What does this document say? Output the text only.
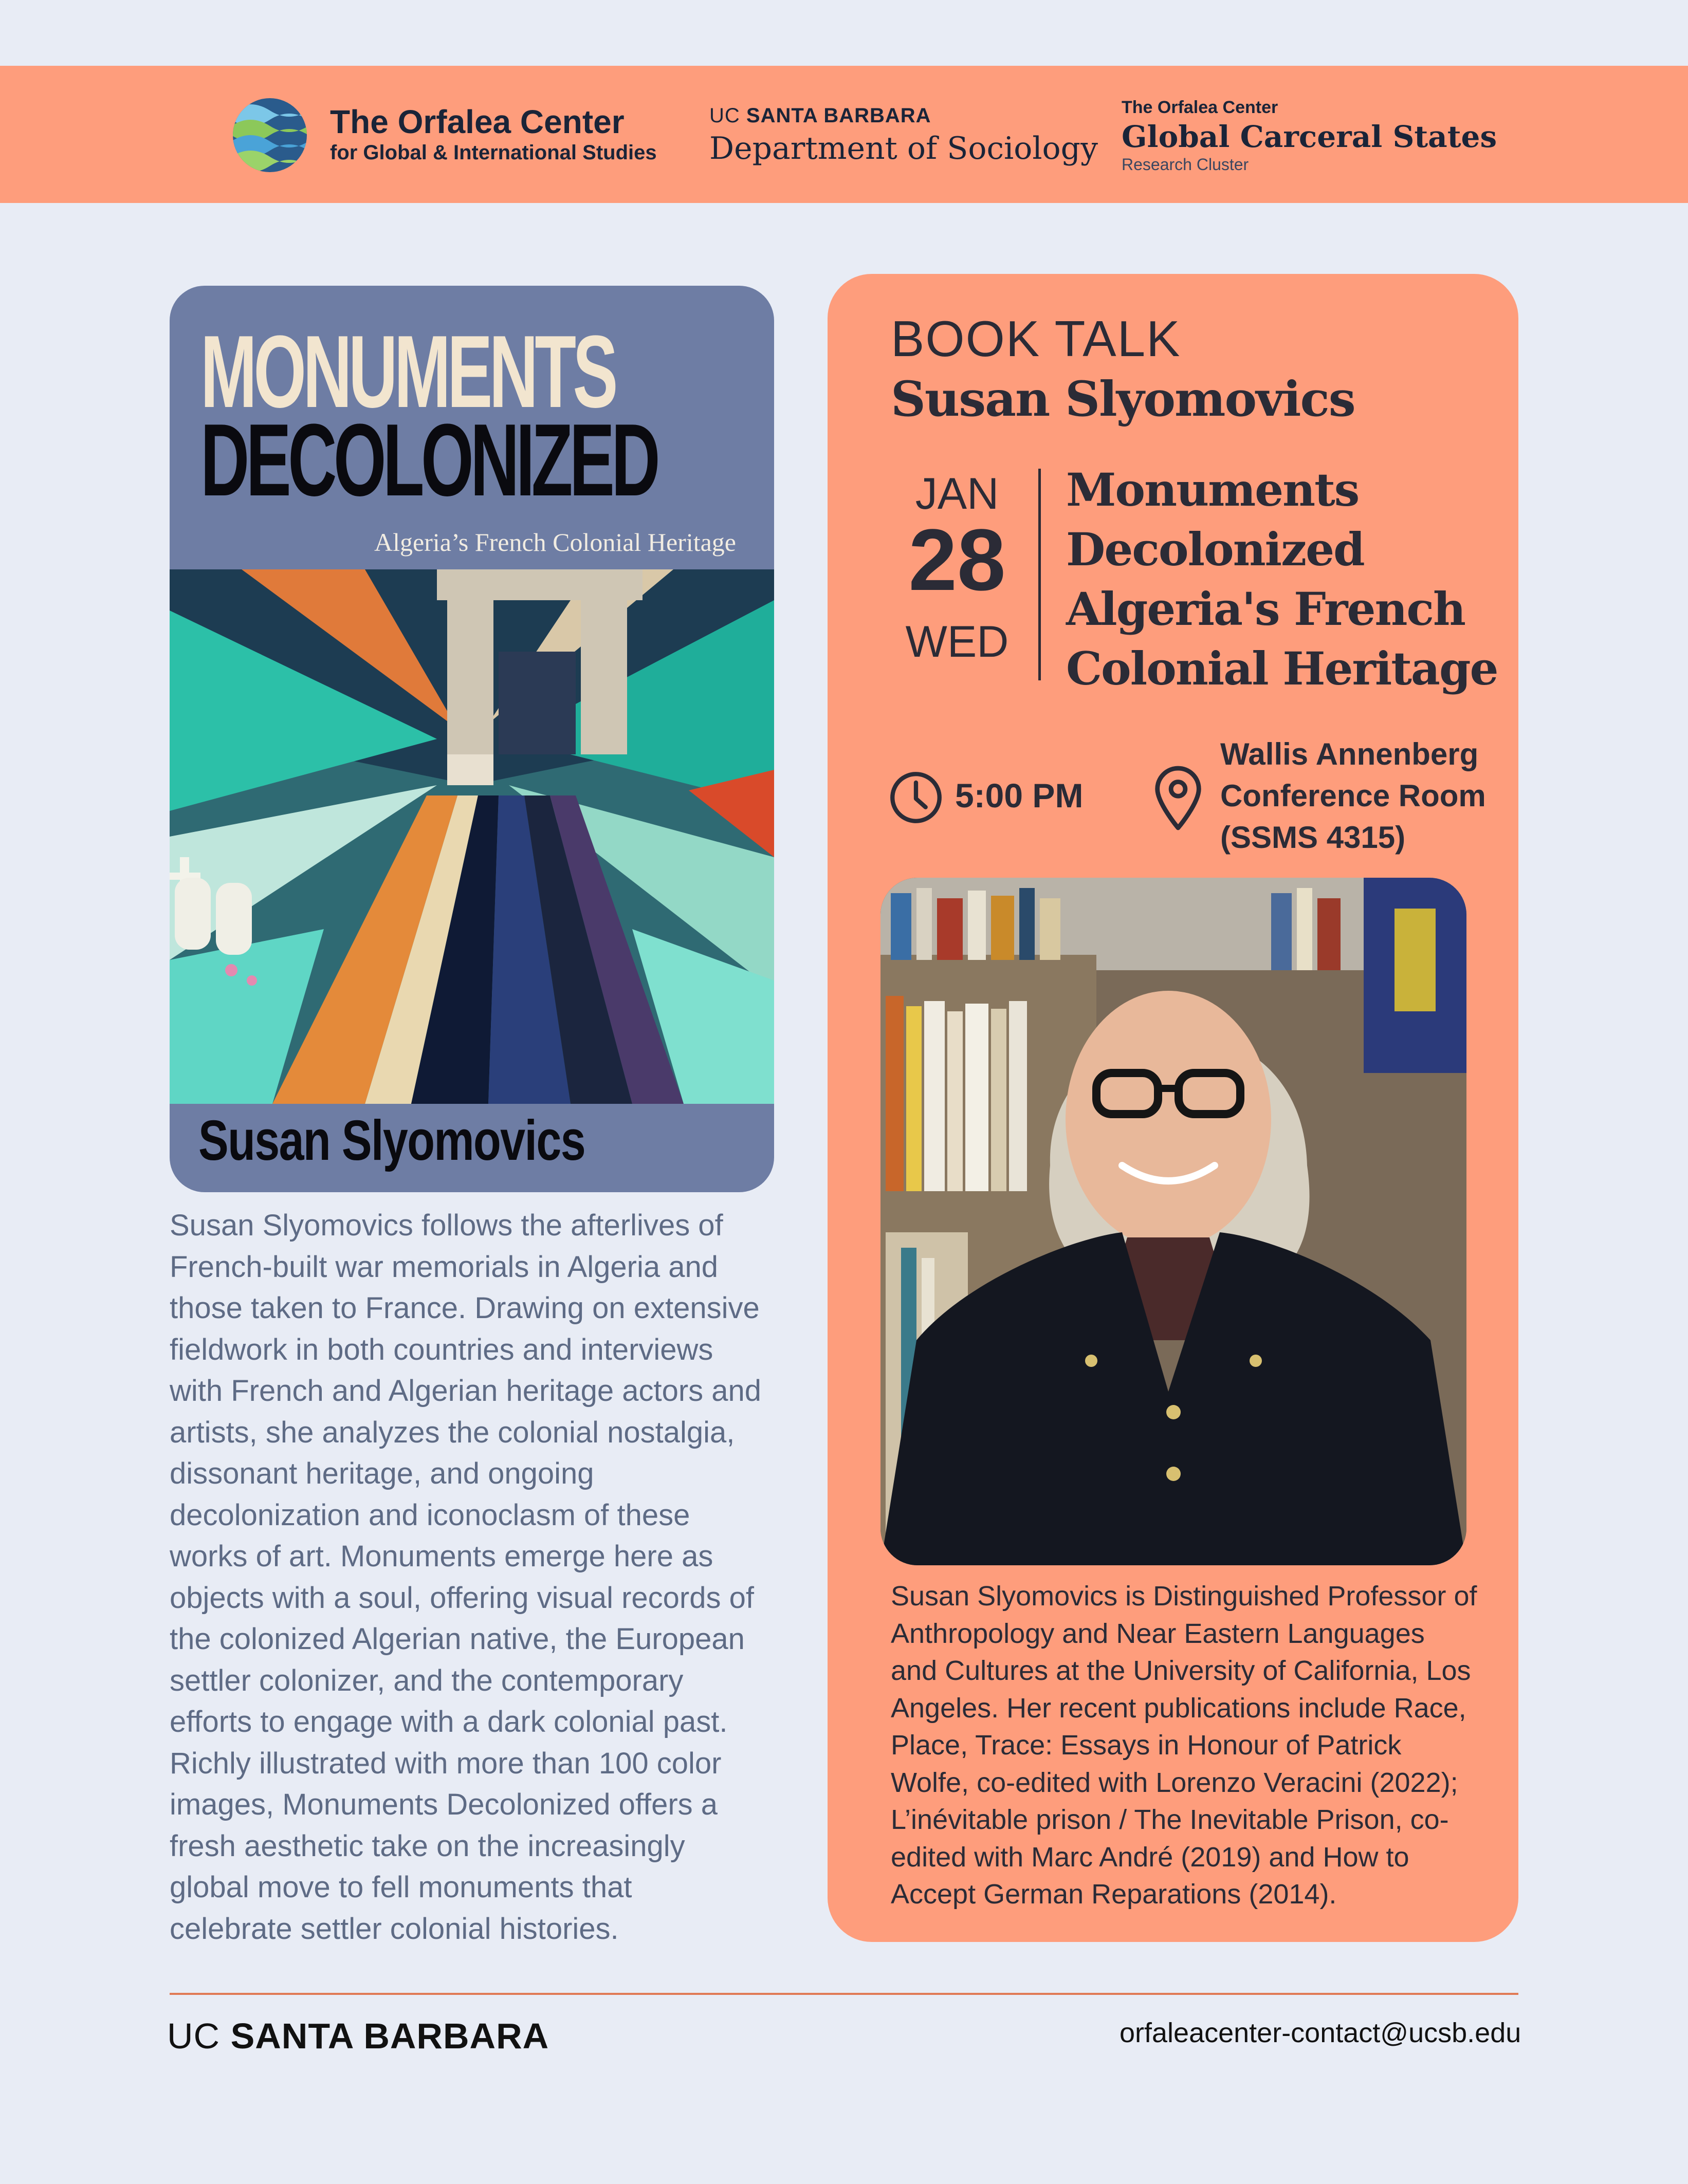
The Orfalea Center
for Global & International Studies
UC SANTA BARBARA
Department of Sociology
The Orfalea Center
Global Carceral States
Research Cluster
MONUMENTS
DECOLONIZED
Algeria’s French Colonial Heritage
Susan Slyomovics
Susan Slyomovics follows the afterlives of
French-built war memorials in Algeria and
those taken to France. Drawing on extensive
fieldwork in both countries and interviews
with French and Algerian heritage actors and
artists, she analyzes the colonial nostalgia,
dissonant heritage, and ongoing
decolonization and iconoclasm of these
works of art. Monuments emerge here as
objects with a soul, offering visual records of
the colonized Algerian native, the European
settler colonizer, and the contemporary
efforts to engage with a dark colonial past.
Richly illustrated with more than 100 color
images, Monuments Decolonized offers a
fresh aesthetic take on the increasingly
global move to fell monuments that
celebrate settler colonial histories.
BOOK TALK
Susan Slyomovics
JAN
28
WED
Monuments
Decolonized
Algeria's French
Colonial Heritage
5:00 PM
Wallis Annenberg
Conference Room
(SSMS 4315)
Susan Slyomovics is Distinguished Professor of
Anthropology and Near Eastern Languages
and Cultures at the University of California, Los
Angeles. Her recent publications include Race,
Place, Trace: Essays in Honour of Patrick
Wolfe, co-edited with Lorenzo Veracini (2022);
L’inévitable prison / The Inevitable Prison, co-
edited with Marc André (2019) and How to
Accept German Reparations (2014).
UC SANTA BARBARA	orfaleacenter-contact@ucsb.edu
